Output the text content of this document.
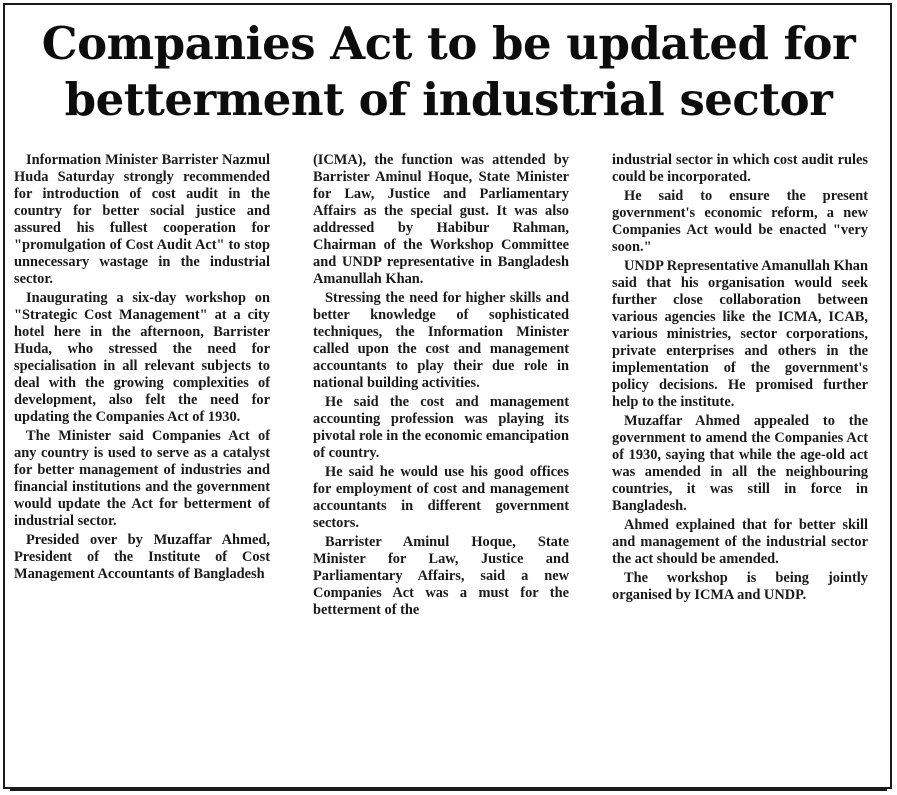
Companies Act to be updated for
betterment of industrial sector

Information Minister Barrister Nazmul Huda Saturday strongly recommended for introduction of cost audit in the country for better social justice and assured his fullest cooperation for "promulgation of Cost Audit Act" to stop unnecessary wastage in the industrial sector.

Inaugurating a six-day workshop on "Strategic Cost Management" at a city hotel here in the afternoon, Barrister Huda, who stressed the need for specialisation in all relevant subjects to deal with the growing complexities of development, also felt the need for updating the Companies Act of 1930.

The Minister said Companies Act of any country is used to serve as a catalyst for better management of industries and financial institutions and the government would update the Act for betterment of industrial sector.

Presided over by Muzaffar Ahmed, President of the Institute of Cost Management Accountants of Bangladesh

(ICMA), the function was attended by Barrister Aminul Hoque, State Minister for Law, Justice and Parliamentary Affairs as the special gust. It was also addressed by Habibur Rahman, Chairman of the Workshop Committee and UNDP representative in Bangladesh Amanullah Khan.

Stressing the need for higher skills and better knowledge of sophisticated techniques, the Information Minister called upon the cost and management accountants to play their due role in national building activities.

He said the cost and management accounting profession was playing its pivotal role in the economic emancipation of country.

He said he would use his good offices for employment of cost and management accountants in different government sectors.

Barrister Aminul Hoque, State Minister for Law, Justice and Parliamentary Affairs, said a new Companies Act was a must for the betterment of the

industrial sector in which cost audit rules could be incorporated.

He said to ensure the present government's economic reform, a new Companies Act would be enacted "very soon."

UNDP Representative Amanullah Khan said that his organisation would seek further close collaboration between various agencies like the ICMA, ICAB, various ministries, sector corporations, private enterprises and others in the implementation of the government's policy decisions. He promised further help to the institute.

Muzaffar Ahmed appealed to the government to amend the Companies Act of 1930, saying that while the age-old act was amended in all the neighbouring countries, it was still in force in Bangladesh.

Ahmed explained that for better skill and management of the industrial sector the act should be amended.

The workshop is being jointly organised by ICMA and UNDP.
